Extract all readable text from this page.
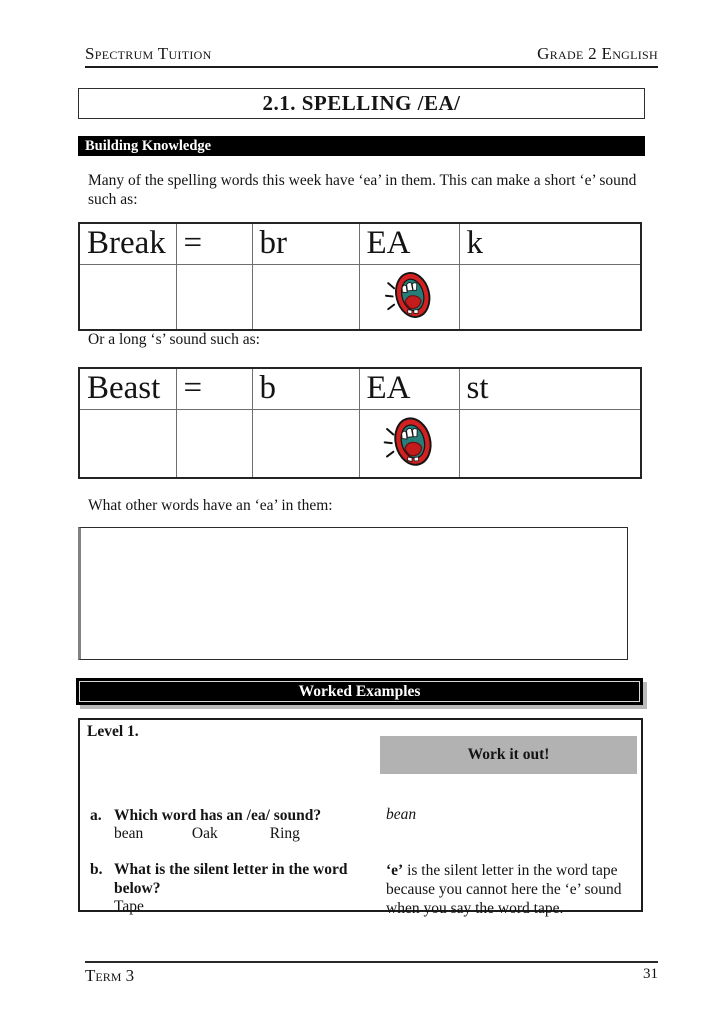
Spectrum Tuition	Grade 2 English
2.1. SPELLING /EA/
Building Knowledge
Many of the spelling words this week have ‘ea’ in them. This can make a short ‘e’ sound such as:
Break	=	br	EA	k

Or a long ‘s’ sound such as:
Beast	=	b	EA	st

What other words have an ‘ea’ in them:
Worked Examples
Level 1.
Work it out!
a. Which word has an /ea/ sound?
bean	Oak	Ring
bean
b. What is the silent letter in the word below?
Tape
‘e’ is the silent letter in the word tape because you cannot here the ‘e’ sound when you say the word tape.
Term 3	31
